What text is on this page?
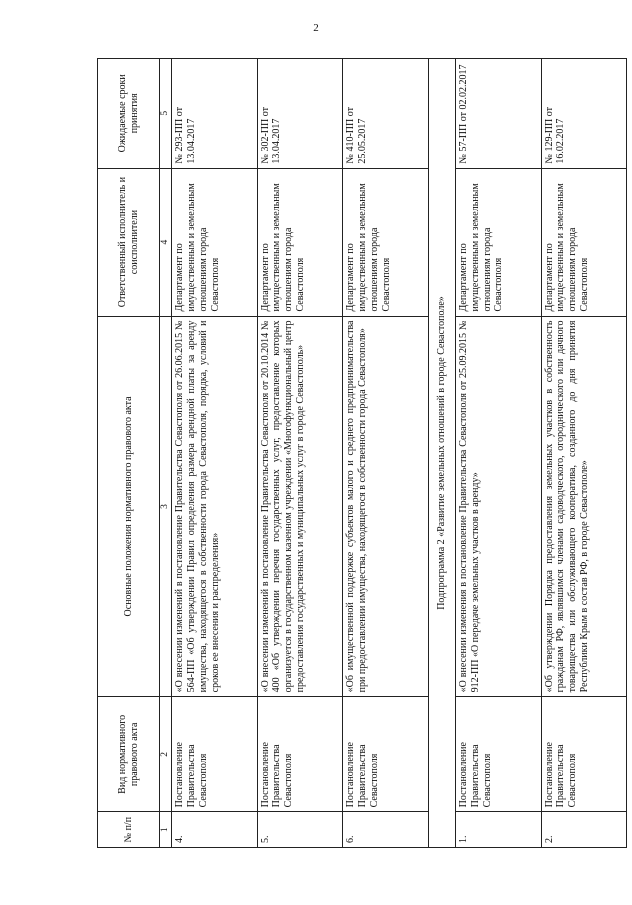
2
№ п/п	Вид нормативного правового акта	Основные положения нормативного правового акта	Ответственный исполнитель и соисполнители	Ожидаемые сроки принятия
1	2	3	4	5
4.	Постановление Правительства Севастополя	«О внесении изменений в постановление Правительства Севастополя от 26.06.2015 № 564-ПП «Об утверждении Правил определения размера арендной платы за аренду имущества, находящегося в собственности города Севастополя, порядка, условий и сроков ее внесения и распределения»	Департамент по имущественным и земельным отношениям города Севастополя	№ 293-ПП от 13.04.2017
5.	Постановление Правительства Севастополя	«О внесении изменений в постановление Правительства Севастополя от 20.10.2014 № 400 «Об утверждении перечня государственных услуг, предоставление которых организуется в государственном казенном учреждении «Многофункциональный центр предоставления государственных и муниципальных услуг в городе Севастополь»	Департамент по имущественным и земельным отношениям города Севастополя	№ 302-ПП от 13.04.2017
6.	Постановление Правительства Севастополя	«Об имущественной поддержке субъектов малого и среднего предпринимательства при предоставлении имущества, находящегося в собственности города Севастополя»	Департамент по имущественным и земельным отношениям города Севастополя	№ 410-ПП от 25.05.2017
Подпрограмма 2 «Развитие земельных отношений в городе Севастополе»				
1.	Постановление Правительства Севастополя	«О внесении изменения в постановление Правительства Севастополя от 25.09.2015 № 912-ПП «О передаче земельных участков в аренду»	Департамент по имущественным и земельным отношениям города Севастополя	№ 57-ПП от 02.02.2017
2.	Постановление Правительства Севастополя	«Об утверждении Порядка предоставления земельных участков в собственность гражданам РФ, являвшимся членами садоводческого, огороднического или дачного товарищества или обслуживающего кооператива, созданного до дня принятия Республики Крым в состав РФ, в городе Севастополе»	Департамент по имущественным и земельным отношениям города Севастополя	№ 129-ПП от 16.02.2017
